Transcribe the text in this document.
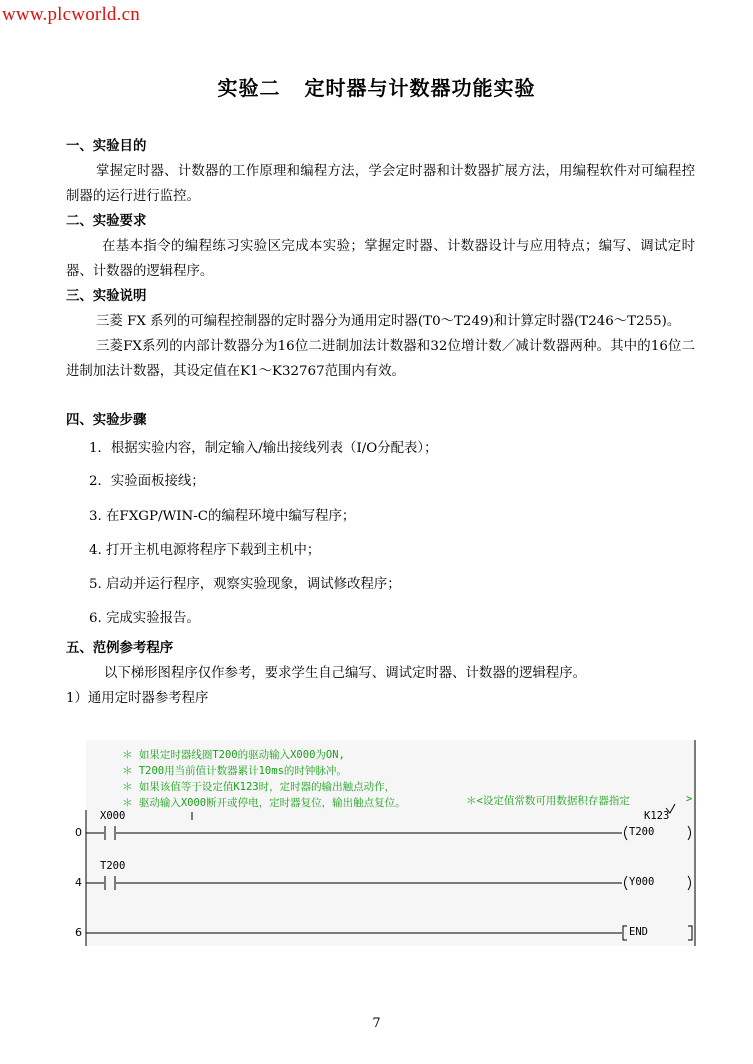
www.plcworld.cn
实验二 定时器与计数器功能实验
一、实验目的
掌握定时器、计数器的工作原理和编程方法，学会定时器和计数器扩展方法，用编程软件对可编程控制器的运行进行监控。
二、实验要求
在基本指令的编程练习实验区完成本实验；掌握定时器、计数器设计与应用特点；编写、调试定时器、计数器的逻辑程序。
三、实验说明
三菱 FX 系列的可编程控制器的定时器分为通用定时器(T0～T249)和计算定时器(T246～T255)。
三菱FX系列的内部计数器分为16位二进制加法计数器和32位增计数／减计数器两种。其中的16位二进制加法计数器，其设定值在K1～K32767范围内有效。
四、实验步骤
1．根据实验内容，制定输入/输出接线列表（I/O分配表）；
2．实验面板接线；
3. 在FXGP/WIN-C的编程环境中编写程序；
4. 打开主机电源将程序下载到主机中；
5. 启动并运行程序，观察实验现象，调试修改程序；
6. 完成实验报告。
五、范例参考程序
以下梯形图程序仅作参考，要求学生自己编写、调试定时器、计数器的逻辑程序。
1）通用定时器参考程序
＊ 如果定时器线圈T200的驱动输入X000为ON,
＊ T200用当前值计数器累计10ms的时钟脉冲。
＊ 如果该值等于设定值K123时，定时器的输出触点动作，
＊ 驱动输入X000断开或停电，定时器复位，输出触点复位。	＊<设定值常数可用数据积存器指定	>
0
4
6
X000
T200
K123
T200
Y000
END
7
